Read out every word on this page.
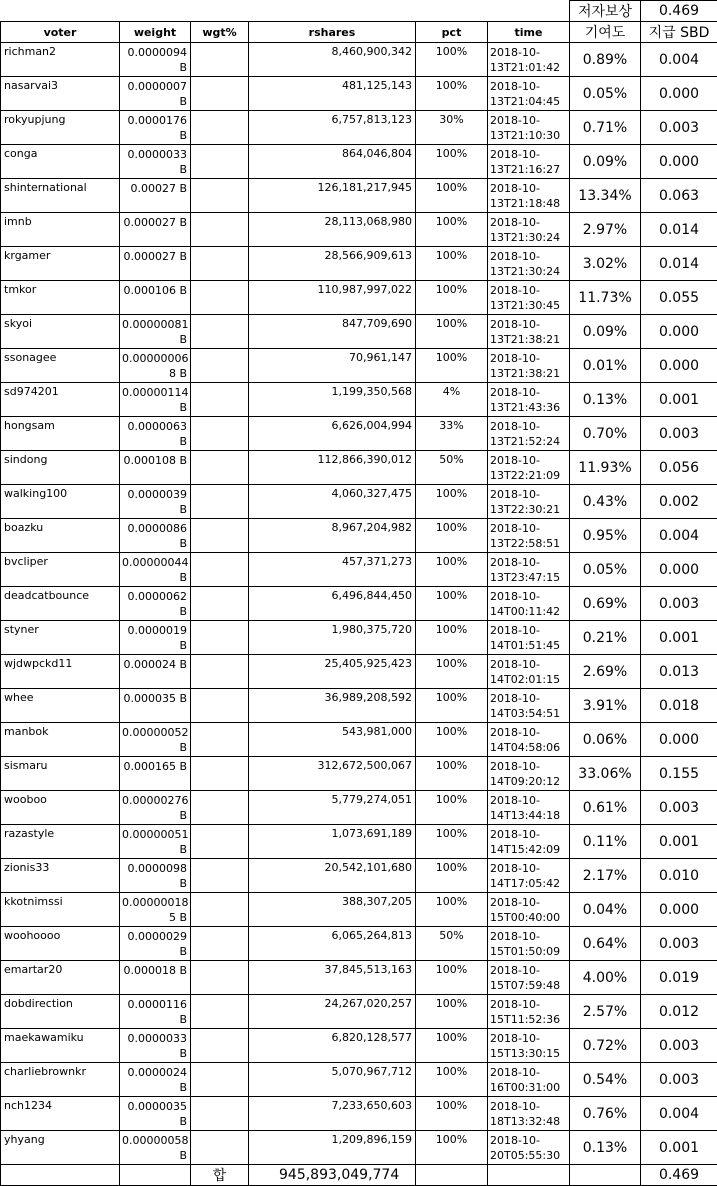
						저자보상	0.469
voter	weight	wgt%	rshares	pct	time	기여도	지급 SBD
richman2	0.0000094 B		8,460,900,342	100%	2018-10-13T21:01:42	0.89%	0.004
nasarvai3	0.0000007 B		481,125,143	100%	2018-10-13T21:04:45	0.05%	0.000
rokyupjung	0.0000176 B		6,757,813,123	30%	2018-10-13T21:10:30	0.71%	0.003
conga	0.0000033 B		864,046,804	100%	2018-10-13T21:16:27	0.09%	0.000
shinternational	0.00027 B		126,181,217,945	100%	2018-10-13T21:18:48	13.34%	0.063
imnb	0.000027 B		28,113,068,980	100%	2018-10-13T21:30:24	2.97%	0.014
krgamer	0.000027 B		28,566,909,613	100%	2018-10-13T21:30:24	3.02%	0.014
tmkor	0.000106 B		110,987,997,022	100%	2018-10-13T21:30:45	11.73%	0.055
skyoi	0.00000081 B		847,709,690	100%	2018-10-13T21:38:21	0.09%	0.000
ssonagee	0.00000006 8 B		70,961,147	100%	2018-10-13T21:38:21	0.01%	0.000
sd974201	0.00000114 B		1,199,350,568	4%	2018-10-13T21:43:36	0.13%	0.001
hongsam	0.0000063 B		6,626,004,994	33%	2018-10-13T21:52:24	0.70%	0.003
sindong	0.000108 B		112,866,390,012	50%	2018-10-13T22:21:09	11.93%	0.056
walking100	0.0000039 B		4,060,327,475	100%	2018-10-13T22:30:21	0.43%	0.002
boazku	0.0000086 B		8,967,204,982	100%	2018-10-13T22:58:51	0.95%	0.004
bvcliper	0.00000044 B		457,371,273	100%	2018-10-13T23:47:15	0.05%	0.000
deadcatbounce	0.0000062 B		6,496,844,450	100%	2018-10-14T00:11:42	0.69%	0.003
styner	0.0000019 B		1,980,375,720	100%	2018-10-14T01:51:45	0.21%	0.001
wjdwpckd11	0.000024 B		25,405,925,423	100%	2018-10-14T02:01:15	2.69%	0.013
whee	0.000035 B		36,989,208,592	100%	2018-10-14T03:54:51	3.91%	0.018
manbok	0.00000052 B		543,981,000	100%	2018-10-14T04:58:06	0.06%	0.000
sismaru	0.000165 B		312,672,500,067	100%	2018-10-14T09:20:12	33.06%	0.155
wooboo	0.00000276 B		5,779,274,051	100%	2018-10-14T13:44:18	0.61%	0.003
razastyle	0.00000051 B		1,073,691,189	100%	2018-10-14T15:42:09	0.11%	0.001
zionis33	0.0000098 B		20,542,101,680	100%	2018-10-14T17:05:42	2.17%	0.010
kkotnimssi	0.00000018 5 B		388,307,205	100%	2018-10-15T00:40:00	0.04%	0.000
woohoooo	0.0000029 B		6,065,264,813	50%	2018-10-15T01:50:09	0.64%	0.003
emartar20	0.000018 B		37,845,513,163	100%	2018-10-15T07:59:48	4.00%	0.019
dobdirection	0.0000116 B		24,267,020,257	100%	2018-10-15T11:52:36	2.57%	0.012
maekawamiku	0.0000033 B		6,820,128,577	100%	2018-10-15T13:30:15	0.72%	0.003
charliebrownkr	0.0000024 B		5,070,967,712	100%	2018-10-16T00:31:00	0.54%	0.003
nch1234	0.0000035 B		7,233,650,603	100%	2018-10-18T13:32:48	0.76%	0.004
yhyang	0.00000058 B		1,209,896,159	100%	2018-10-20T05:55:30	0.13%	0.001
		합	945,893,049,774				0.469
